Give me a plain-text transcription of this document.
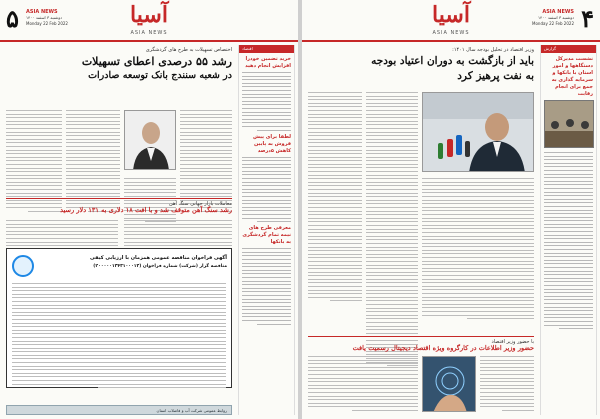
۵ ASIA NEWS
دوشنبه ۳ اسفند ۱۴۰۰
Monday 22 Feb 2022	آسیا
ASIA NEWS
اقتصاد
خرید تضمین خودرا افزایش انجام دهید
لطفا برای پیش فروش به پایین کاهش ۵درصد
معرفی طرح های نیمه تمام گردشگری به بانکها
اختصاص تسهیلات به طرح های گردشگری
رشد ۵۵ درصدی اعطای تسهیلات
در شعبه سنندج بانک توسعه صادرات
معاملات بازار جهانی سنگ آهن
رشد سنگ آهن متوقف شد و با افت ۱۸ دلاری به ۱۳۱ دلار رسید
آگهی فراخوان مناقصه عمومی همزمان با ارزیابی کیفی
مناقصه گزار (شرکت) شماره فراخوان (۲۰۰۰۰۰۱۳۴۳۱۰۰۰۱۳)
روابط عمومی شرکت آب و فاضلاب استان
آسیا
ASIA NEWS
ASIA NEWS
دوشنبه ۳ اسفند ۱۴۰۰
Monday 22 Feb 2022 ۴
گزارش
نشست مدیرکل دستگاهها و امور استان با بانکها و سرمایه گذاری به جمع برای انجام رقابت
وزیر اقتصاد در تحلیل بودجه سال ۱۴۰۱:
باید از بازگشت به دوران اعتیاد بودجه
به نفت پرهیز کرد
با حضور وزیر اقتصاد
حضور وزیر اطلاعات در کارگروه ویژه اقتصاد دیجیتال رسمیت یافت
